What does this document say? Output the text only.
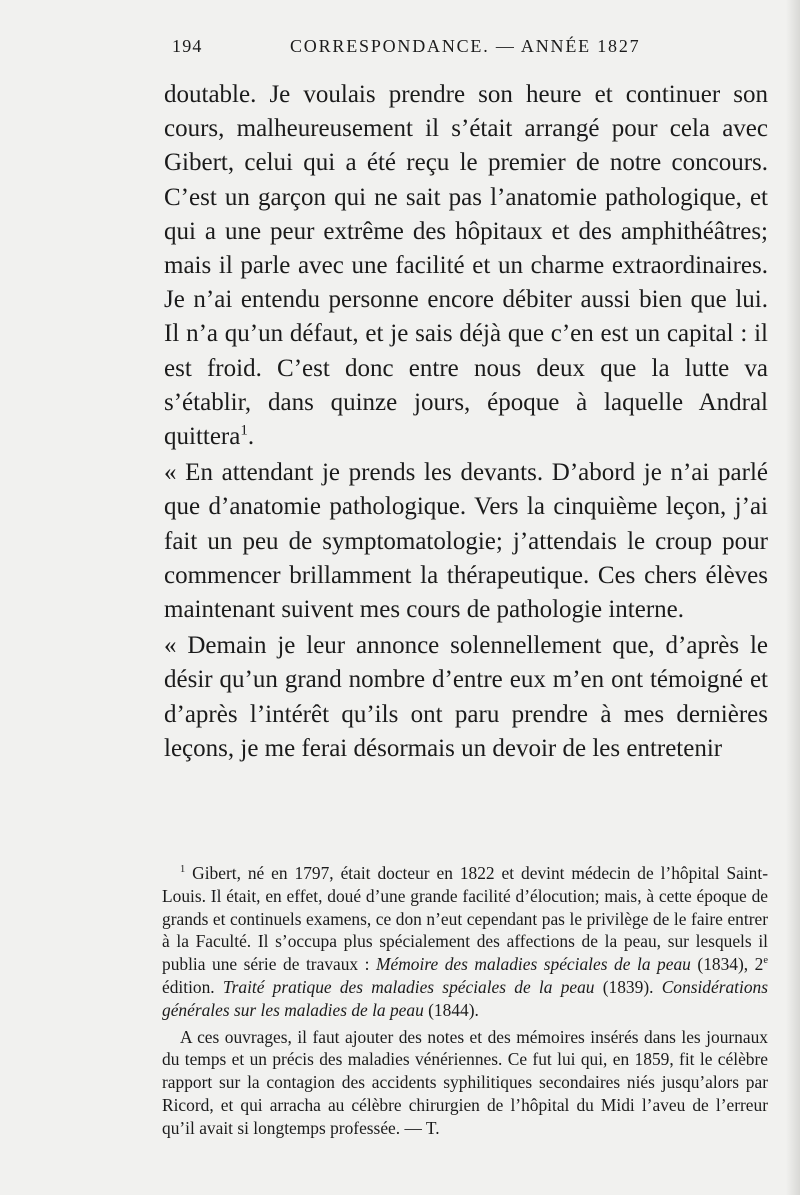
194	CORRESPONDANCE. — ANNÉE 1827

doutable. Je voulais prendre son heure et continuer son cours, malheureusement il s’était arrangé pour cela avec Gibert, celui qui a été reçu le premier de notre concours. C’est un garçon qui ne sait pas l’anatomie pathologique, et qui a une peur extrême des hôpitaux et des amphithéâtres; mais il parle avec une facilité et un charme extraordinaires. Je n’ai entendu personne encore débiter aussi bien que lui. Il n’a qu’un défaut, et je sais déjà que c’en est un capital : il est froid. C’est donc entre nous deux que la lutte va s’établir, dans quinze jours, époque à laquelle Andral quittera$^1$.

« En attendant je prends les devants. D’abord je n’ai parlé que d’anatomie pathologique. Vers la cinquième leçon, j’ai fait un peu de symptomatologie; j’attendais le croup pour commencer brillamment la thérapeutique. Ces chers élèves maintenant suivent mes cours de pathologie interne.

« Demain je leur annonce solennellement que, d’après le désir qu’un grand nombre d’entre eux m’en ont témoigné et d’après l’intérêt qu’ils ont paru prendre à mes dernières leçons, je me ferai désormais un devoir de les entretenir

$^1$ Gibert, né en 1797, était docteur en 1822 et devint médecin de l’hôpital Saint-Louis. Il était, en effet, doué d’une grande facilité d’élocution; mais, à cette époque de grands et continuels examens, ce don n’eut cependant pas le privilège de le faire entrer à la Faculté. Il s’occupa plus spécialement des affections de la peau, sur lesquels il publia une série de travaux : Mémoire des maladies spéciales de la peau (1834), 2e édition. Traité pratique des maladies spéciales de la peau (1839). Considérations générales sur les maladies de la peau (1844).

A ces ouvrages, il faut ajouter des notes et des mémoires insérés dans les journaux du temps et un précis des maladies vénériennes. Ce fut lui qui, en 1859, fit le célèbre rapport sur la contagion des accidents syphilitiques secondaires niés jusqu’alors par Ricord, et qui arracha au célèbre chirurgien de l’hôpital du Midi l’aveu de l’erreur qu’il avait si longtemps professée. — T.
